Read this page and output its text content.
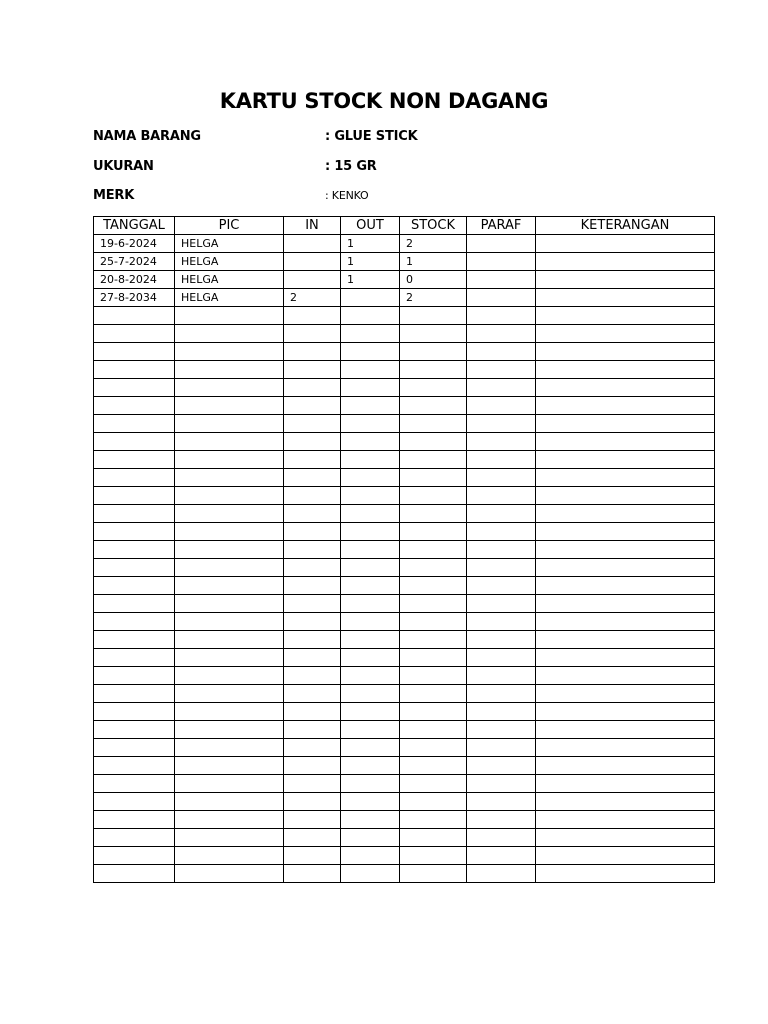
KARTU STOCK NON DAGANG
NAMA BARANG	: GLUE STICK
UKURAN	: 15 GR
MERK	: KENKO
TANGGAL	PIC	IN	OUT	STOCK	PARAF	KETERANGAN
19-6-2024	HELGA		1	2		
25-7-2024	HELGA		1	1		
20-8-2024	HELGA		1	0		
27-8-2034	HELGA	2		2		
